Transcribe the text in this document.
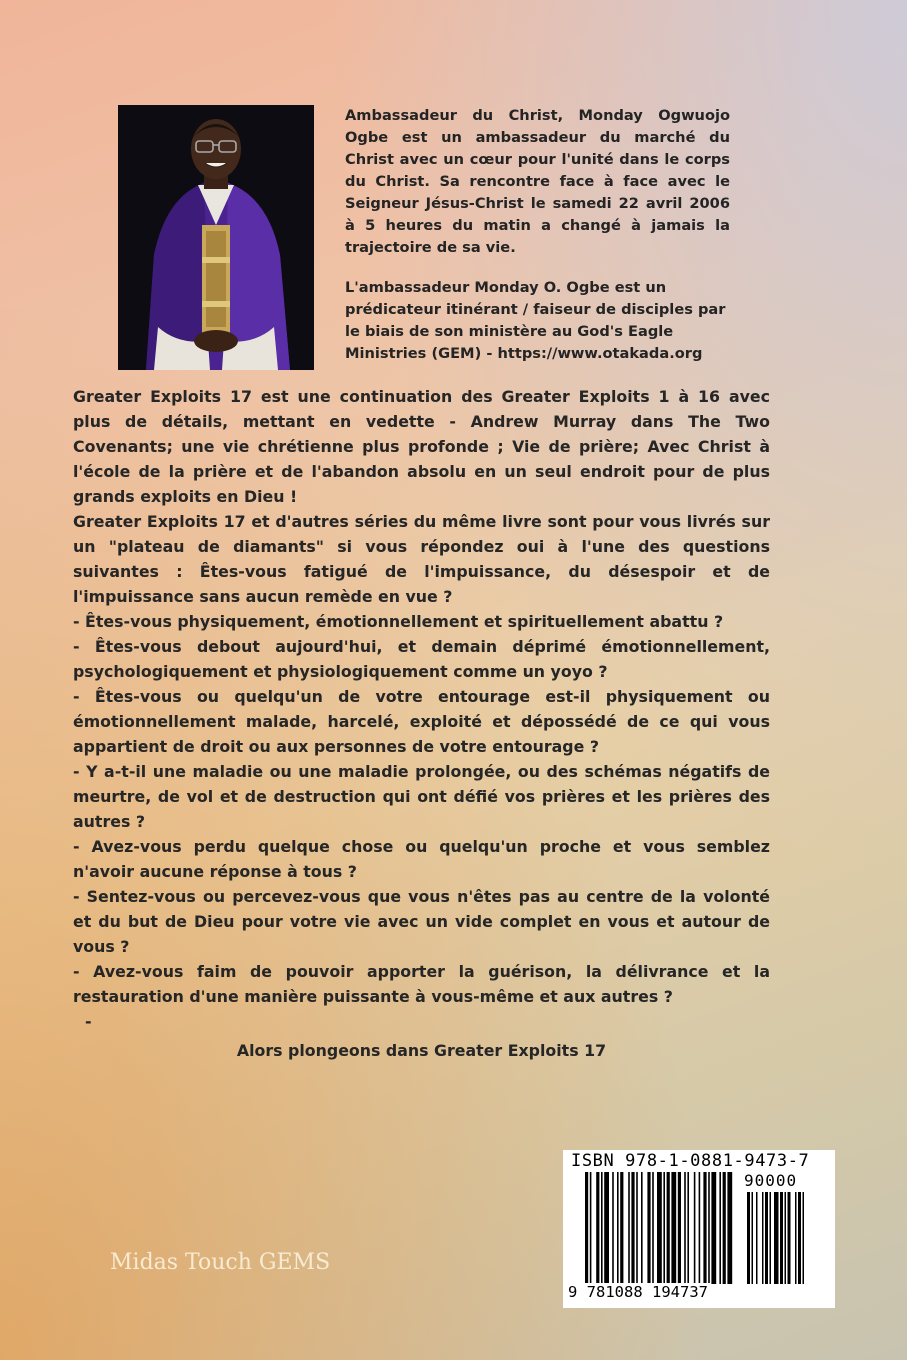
Ambassadeur du Christ, Monday Ogwuojo Ogbe est un ambassadeur du marché du Christ avec un cœur pour l'unité dans le corps du Christ. Sa rencontre face à face avec le Seigneur Jésus-Christ le samedi 22 avril 2006 à 5 heures du matin a changé à jamais la trajectoire de sa vie.

L'ambassadeur Monday O. Ogbe est un prédicateur itinérant / faiseur de disciples par le biais de son ministère au God's Eagle Ministries (GEM) - https://www.otakada.org

Greater Exploits 17 est une continuation des Greater Exploits 1 à 16 avec plus de détails, mettant en vedette - Andrew Murray dans The Two Covenants; une vie chrétienne plus profonde ; Vie de prière; Avec Christ à l'école de la prière et de l'abandon absolu en un seul endroit pour de plus grands exploits en Dieu !

Greater Exploits 17 et d'autres séries du même livre sont pour vous livrés sur un "plateau de diamants" si vous répondez oui à l'une des questions suivantes : Êtes-vous fatigué de l'impuissance, du désespoir et de l'impuissance sans aucun remède en vue ?

- Êtes-vous physiquement, émotionnellement et spirituellement abattu ?

- Êtes-vous debout aujourd'hui, et demain déprimé émotionnellement, psychologiquement et physiologiquement comme un yoyo ?

- Êtes-vous ou quelqu'un de votre entourage est-il physiquement ou émotionnellement malade, harcelé, exploité et dépossédé de ce qui vous appartient de droit ou aux personnes de votre entourage ?

- Y a-t-il une maladie ou une maladie prolongée, ou des schémas négatifs de meurtre, de vol et de destruction qui ont défié vos prières et les prières des autres ?

- Avez-vous perdu quelque chose ou quelqu'un proche et vous semblez n'avoir aucune réponse à tous ?

- Sentez-vous ou percevez-vous que vous n'êtes pas au centre de la volonté et du but de Dieu pour votre vie avec un vide complet en vous et autour de vous ?

- Avez-vous faim de pouvoir apporter la guérison, la délivrance et la restauration d'une manière puissante à vous-même et aux autres ?

-

Alors plongeons dans Greater Exploits 17

Midas Touch GEMS
ISBN 978-1-0881-9473-7
90000
9 781088 194737
